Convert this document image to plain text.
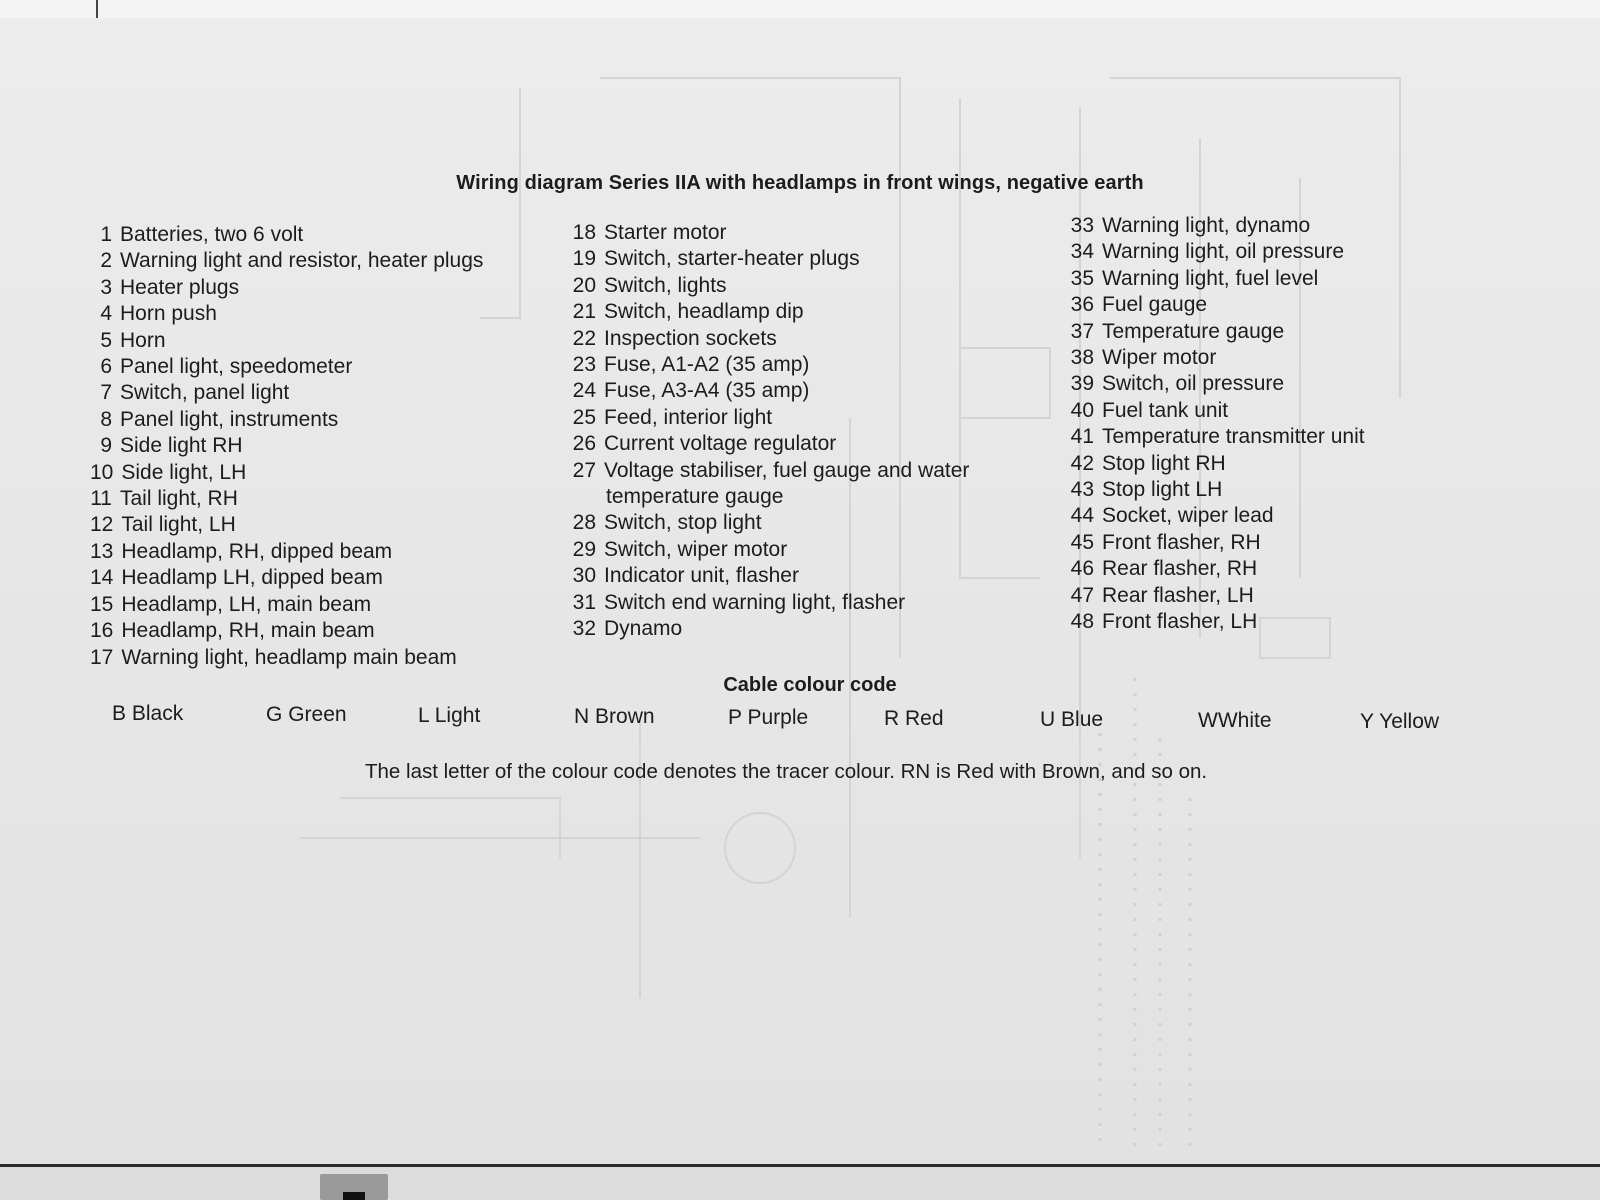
Wiring diagram Series IIA with headlamps in front wings, negative earth
1 Batteries, two 6 volt
2 Warning light and resistor, heater plugs
3 Heater plugs
4 Horn push
5 Horn
6 Panel light, speedometer
7 Switch, panel light
8 Panel light, instruments
9 Side light RH
10 Side light, LH
11 Tail light, RH
12 Tail light, LH
13 Headlamp, RH, dipped beam
14 Headlamp LH, dipped beam
15 Headlamp, LH, main beam
16 Headlamp, RH, main beam
17 Warning light, headlamp main beam
18 Starter motor
19 Switch, starter-heater plugs
20 Switch, lights
21 Switch, headlamp dip
22 Inspection sockets
23 Fuse, A1-A2 (35 amp)
24 Fuse, A3-A4 (35 amp)
25 Feed, interior light
26 Current voltage regulator
27 Voltage stabiliser, fuel gauge and water
temperature gauge
28 Switch, stop light
29 Switch, wiper motor
30 Indicator unit, flasher
31 Switch end warning light, flasher
32 Dynamo
33 Warning light, dynamo
34 Warning light, oil pressure
35 Warning light, fuel level
36 Fuel gauge
37 Temperature gauge
38 Wiper motor
39 Switch, oil pressure
40 Fuel tank unit
41 Temperature transmitter unit
42 Stop light RH
43 Stop light LH
44 Socket, wiper lead
45 Front flasher, RH
46 Rear flasher, RH
47 Rear flasher, LH
48 Front flasher, LH
Cable colour code
B Black	G Green	L Light	N Brown	P Purple	R Red	U Blue	WWhite	Y Yellow
The last letter of the colour code denotes the tracer colour. RN is Red with Brown, and so on.
